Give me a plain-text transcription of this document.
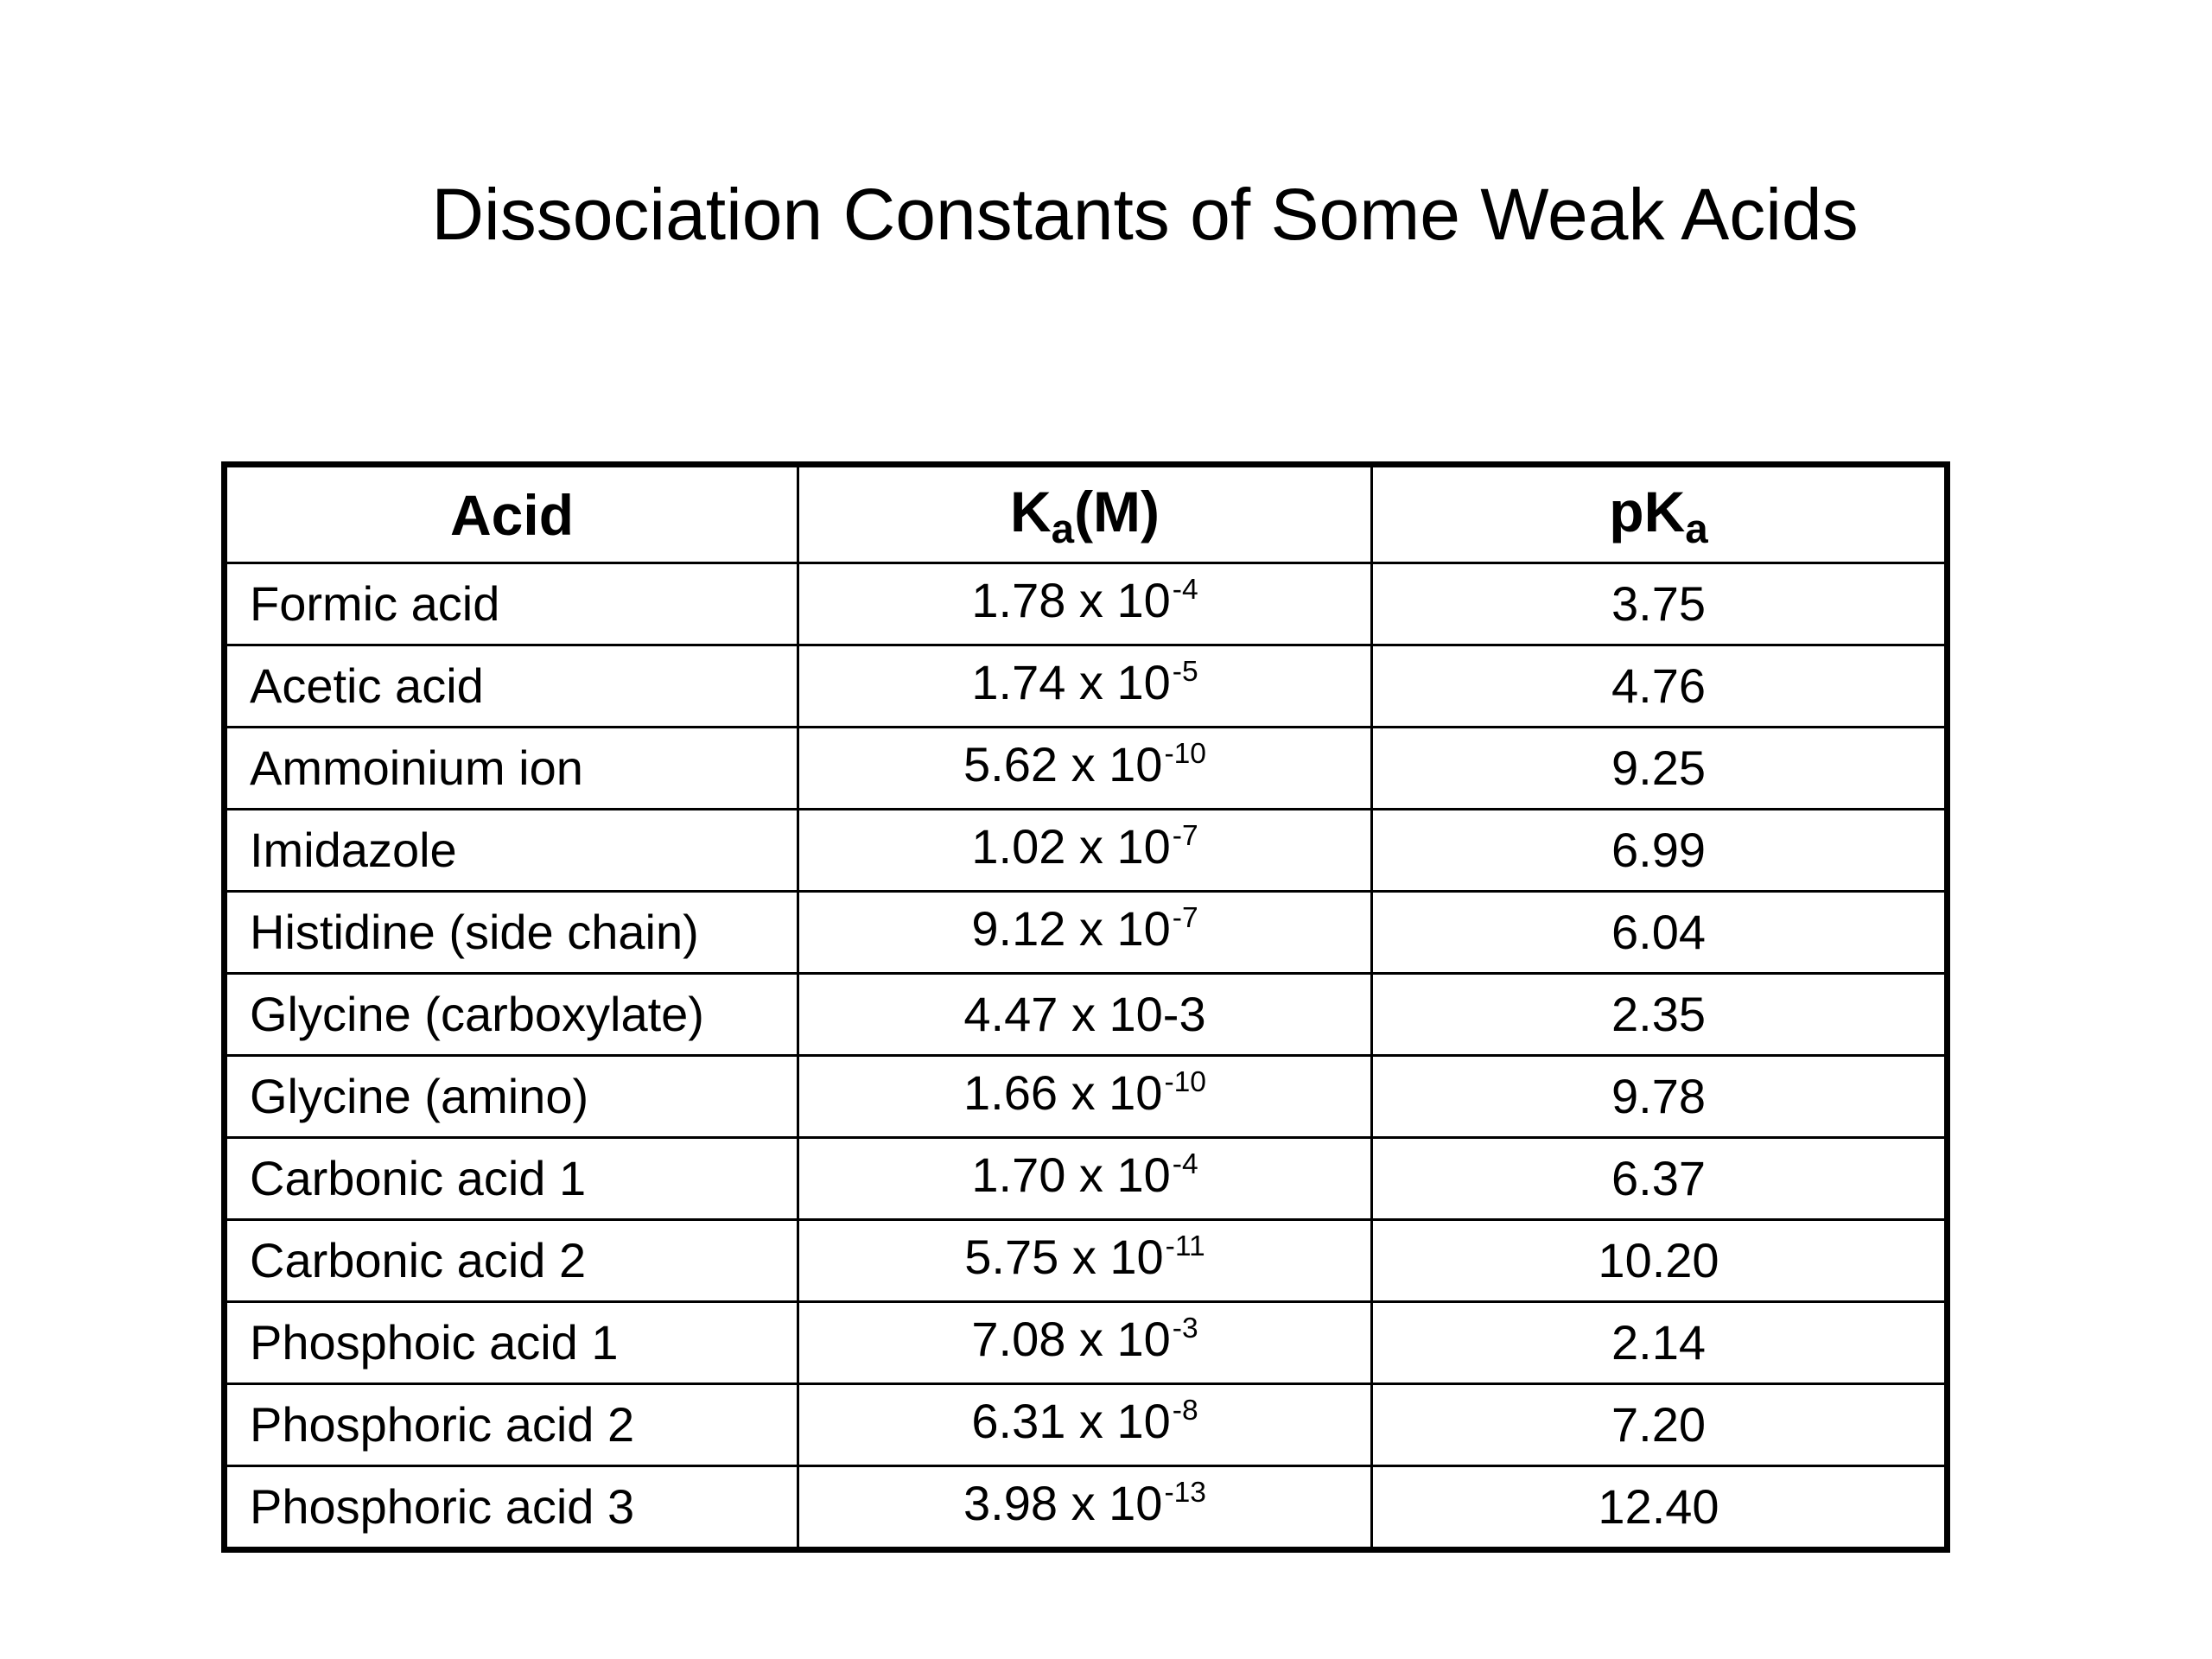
Dissociation Constants of Some Weak Acids
Acid	$K_a(M)$	$pK_a$
Formic acid	1.78 x $10^{-4}$	3.75
Acetic acid	1.74 x $10^{-5}$	4.76
Ammoinium ion	5.62 x $10^{-10}$	9.25
Imidazole	1.02 x $10^{-7}$	6.99
Histidine (side chain)	9.12 x $10^{-7}$	6.04
Glycine (carboxylate)	4.47 x 10-3	2.35
Glycine (amino)	1.66 x $10^{-10}$	9.78
Carbonic acid 1	1.70 x $10^{-4}$	6.37
Carbonic acid 2	5.75 x $10^{-11}$	10.20
Phosphoic acid 1	7.08 x $10^{-3}$	2.14
Phosphoric acid 2	6.31 x $10^{-8}$	7.20
Phosphoric acid 3	3.98 x $10^{-13}$	12.40
